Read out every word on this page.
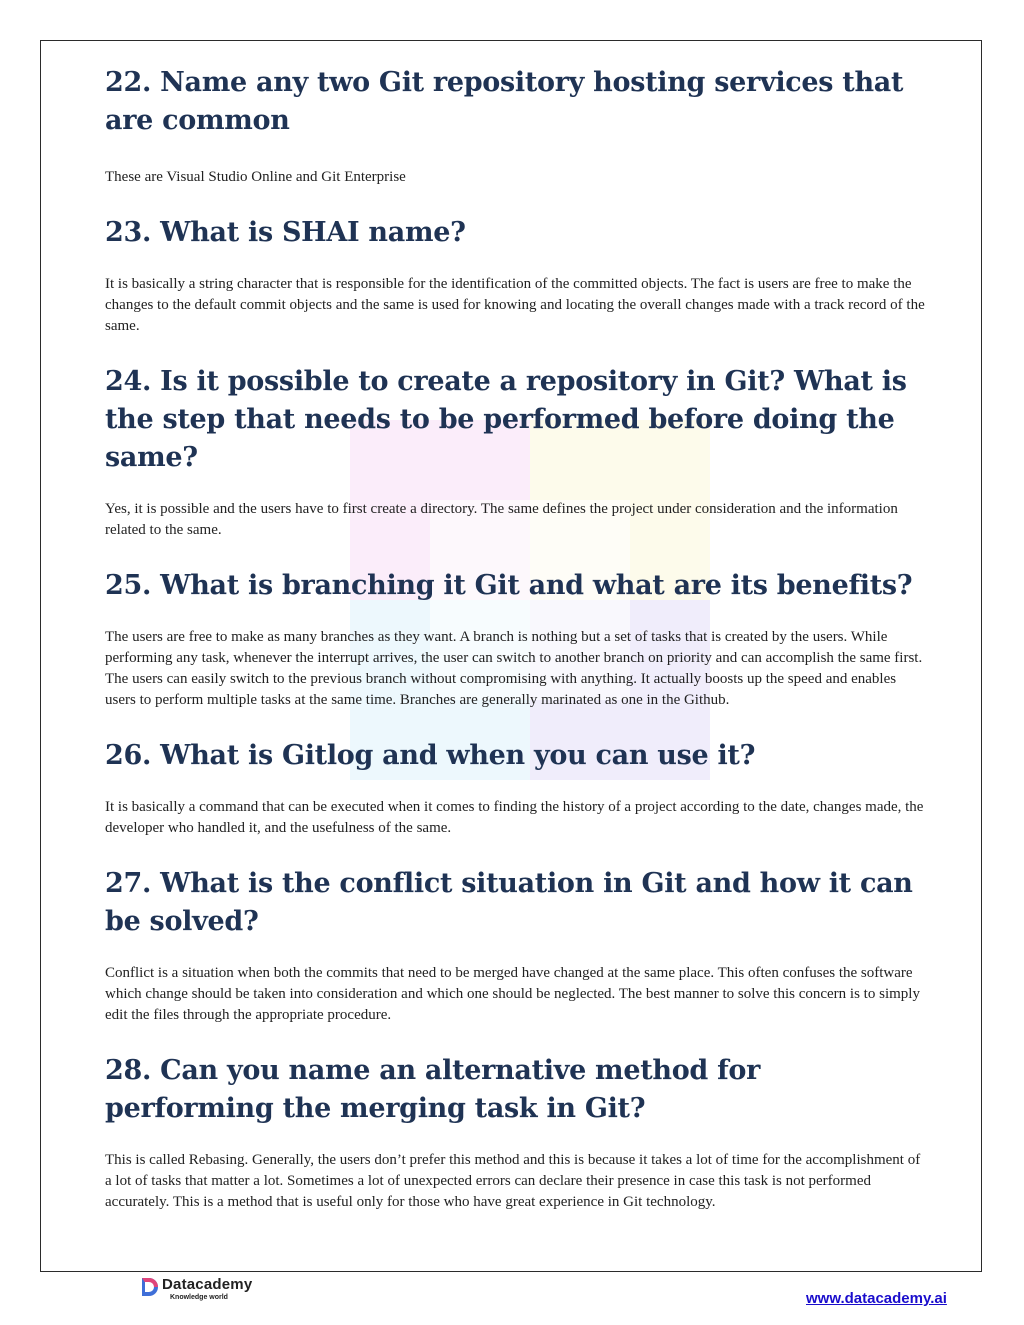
22. Name any two Git repository hosting services that are common

These are Visual Studio Online and Git Enterprise

23. What is SHAI name?

It is basically a string character that is responsible for the identification of the committed objects. The fact is users are free to make the changes to the default commit objects and the same is used for knowing and locating the overall changes made with a track record of the same.

24. Is it possible to create a repository in Git? What is the step that needs to be performed before doing the same?

Yes, it is possible and the users have to first create a directory. The same defines the project under consideration and the information related to the same.

25. What is branching it Git and what are its benefits?

The users are free to make as many branches as they want. A branch is nothing but a set of tasks that is created by the users. While performing any task, whenever the interrupt arrives, the user can switch to another branch on priority and can accomplish the same first. The users can easily switch to the previous branch without compromising with anything. It actually boosts up the speed and enables users to perform multiple tasks at the same time. Branches are generally marinated as one in the Github.

26. What is Gitlog and when you can use it?

It is basically a command that can be executed when it comes to finding the history of a project according to the date, changes made, the developer who handled it, and the usefulness of the same.

27. What is the conflict situation in Git and how it can be solved?

Conflict is a situation when both the commits that need to be merged have changed at the same place. This often confuses the software which change should be taken into consideration and which one should be neglected. The best manner to solve this concern is to simply edit the files through the appropriate procedure.

28. Can you name an alternative method for performing the merging task in Git?

This is called Rebasing. Generally, the users don’t prefer this method and this is because it takes a lot of time for the accomplishment of a lot of tasks that matter a lot. Sometimes a lot of unexpected errors can declare their presence in case this task is not performed accurately. This is a method that is useful only for those who have great experience in Git technology.

Datacademy
Knowledge world	www.datacademy.ai
